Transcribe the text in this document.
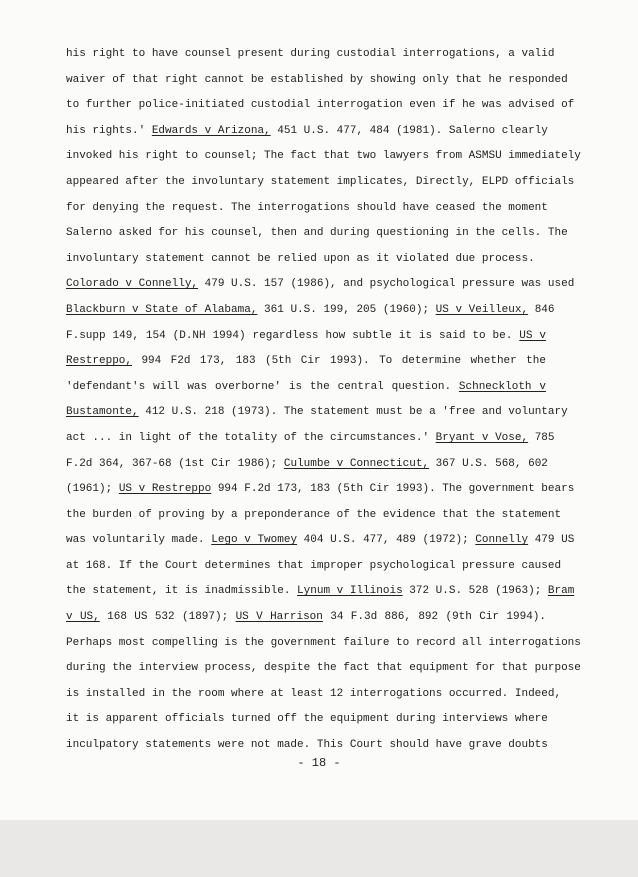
his right to have counsel present during custodial interrogations, a valid
waiver of that right cannot be established by showing only that he responded
to further police-initiated custodial interrogation even if he was advised of
his rights.' Edwards v Arizona, 451 U.S. 477, 484 (1981). Salerno clearly
invoked his right to counsel; The fact that two lawyers from ASMSU immediately
appeared after the involuntary statement implicates, Directly, ELPD officials
for denying the request. The interrogations should have ceased the moment
Salerno asked for his counsel, then and during questioning in the cells. The
involuntary statement cannot be relied upon as it violated due process.
Colorado v Connelly, 479 U.S. 157 (1986), and psychological pressure was used
Blackburn v State of Alabama, 361 U.S. 199, 205 (1960); US v Veilleux, 846
F.supp 149, 154 (D.NH 1994) regardless how subtle it is said to be. US v
Restreppo, 994 F2d 173, 183 (5th Cir 1993). To determine whether the
'defendant's will was overborne' is the central question. Schneckloth v
Bustamonte, 412 U.S. 218 (1973). The statement must be a 'free and voluntary
act ... in light of the totality of the circumstances.' Bryant v Vose, 785
F.2d 364, 367-68 (1st Cir 1986); Culumbe v Connecticut, 367 U.S. 568, 602
(1961); US v Restreppo 994 F.2d 173, 183 (5th Cir 1993). The government bears
the burden of proving by a preponderance of the evidence that the statement
was voluntarily made. Lego v Twomey 404 U.S. 477, 489 (1972); Connelly 479 US
at 168. If the Court determines that improper psychological pressure caused
the statement, it is inadmissible. Lynum v Illinois 372 U.S. 528 (1963); Bram
v US, 168 US 532 (1897); US V Harrison 34 F.3d 886, 892 (9th Cir 1994).
Perhaps most compelling is the government failure to record all interrogations
during the interview process, despite the fact that equipment for that purpose
is installed in the room where at least 12 interrogations occurred. Indeed,
it is apparent officials turned off the equipment during interviews where
inculpatory statements were not made. This Court should have grave doubts
- 18 -
